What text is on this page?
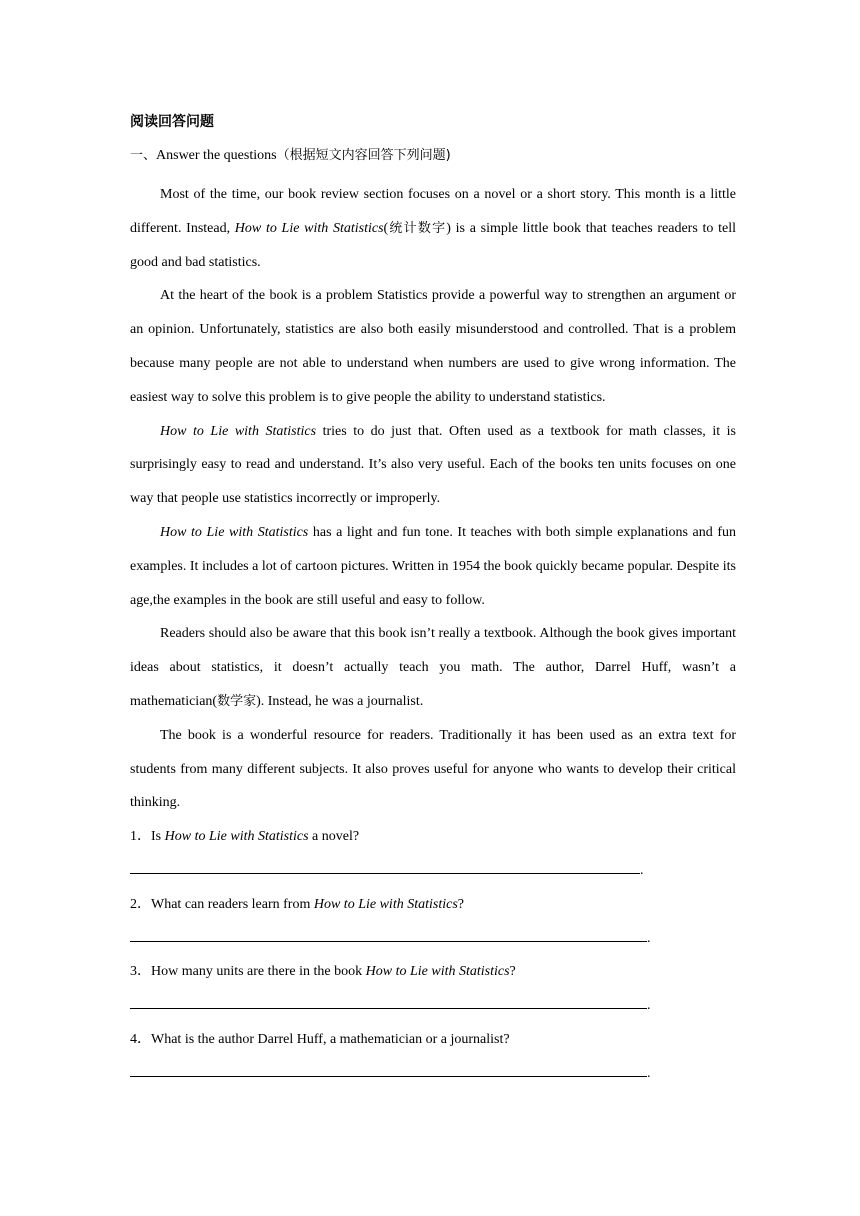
阅读回答问题

一、Answer the questions（根据短文内容回答下列问题)

Most of the time, our book review section focuses on a novel or a short story. This month is a little different. Instead, How to Lie with Statistics(统计数字) is a simple little book that teaches readers to tell good and bad statistics.

At the heart of the book is a problem Statistics provide a powerful way to strengthen an argument or an opinion. Unfortunately, statistics are also both easily misunderstood and controlled. That is a problem because many people are not able to understand when numbers are used to give wrong information. The easiest way to solve this problem is to give people the ability to understand statistics.

How to Lie with Statistics tries to do just that. Often used as a textbook for math classes, it is surprisingly easy to read and understand. It’s also very useful. Each of the books ten units focuses on one way that people use statistics incorrectly or improperly.

How to Lie with Statistics has a light and fun tone. It teaches with both simple explanations and fun examples. It includes a lot of cartoon pictures. Written in 1954 the book quickly became popular. Despite its age,the examples in the book are still useful and easy to follow.

Readers should also be aware that this book isn’t really a textbook. Although the book gives important ideas about statistics, it doesn’t actually teach you math. The author, Darrel Huff, wasn’t a mathematician(数学家). Instead, he was a journalist.

The book is a wonderful resource for readers. Traditionally it has been used as an extra text for students from many different subjects. It also proves useful for anyone who wants to develop their critical thinking.

1．Is How to Lie with Statistics a novel?

.

2．What can readers learn from How to Lie with Statistics?

.

3．How many units are there in the book How to Lie with Statistics?

.

4．What is the author Darrel Huff, a mathematician or a journalist?

.
